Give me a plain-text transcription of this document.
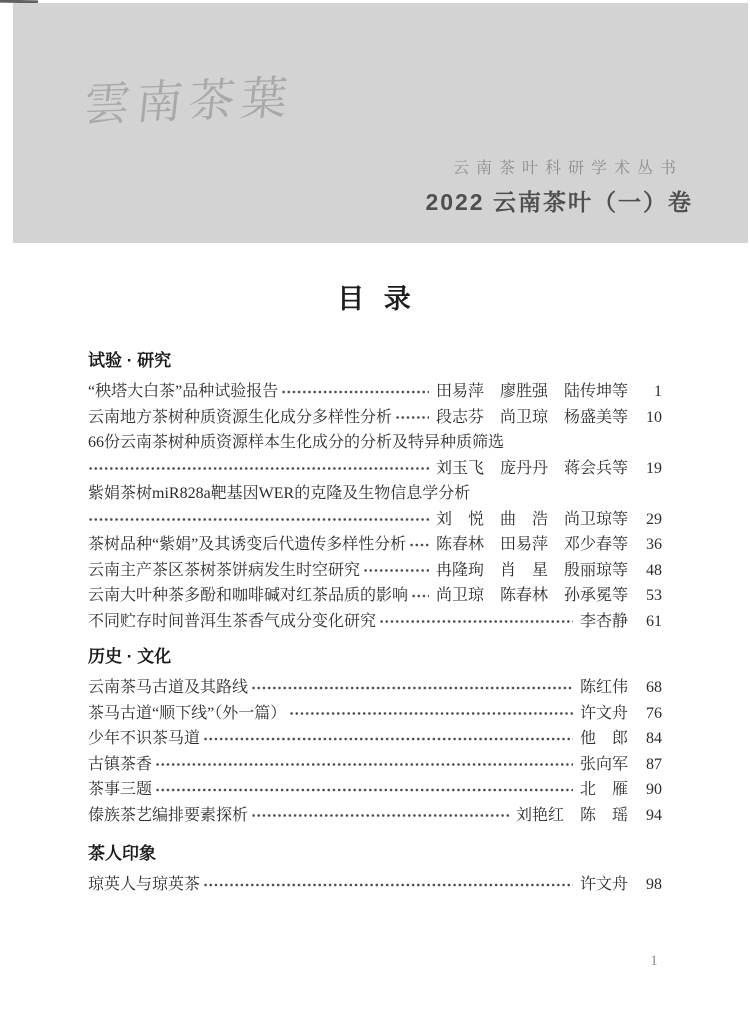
雲南茶葉
云南茶叶科研学术丛书
2022 云南茶叶（一）卷
目  录
试验 · 研究
“秧塔大白茶”品种试验报告	田易萍　廖胜强　陆传坤等	1
云南地方茶树种质资源生化成分多样性分析	段志芬　尚卫琼　杨盛美等	10
66份云南茶树种质资源样本生化成分的分析及特异种质筛选
刘玉飞　庞丹丹　蒋会兵等	19
紫娟茶树miR828a靶基因WER的克隆及生物信息学分析
刘　悦　曲　浩　尚卫琼等	29
茶树品种“紫娟”及其诱变后代遗传多样性分析 陈春林　田易萍　邓少春等	36
云南主产茶区茶树茶饼病发生时空研究	冉隆珣　肖　星　殷丽琼等	48
云南大叶种茶多酚和咖啡碱对红茶品质的影响 尚卫琼　陈春林　孙承冕等	53
不同贮存时间普洱生茶香气成分变化研究	李杏静	61
历史 · 文化
云南茶马古道及其路线	陈红伟	68
茶马古道“顺下线”（外一篇）	许文舟	76
少年不识茶马道	他　郎	84
古镇茶香	张向军	87
茶事三题	北　雁	90
傣族茶艺编排要素探析	刘艳红　陈　瑶	94
茶人印象
琼英人与琼英茶	许文舟	98
1
